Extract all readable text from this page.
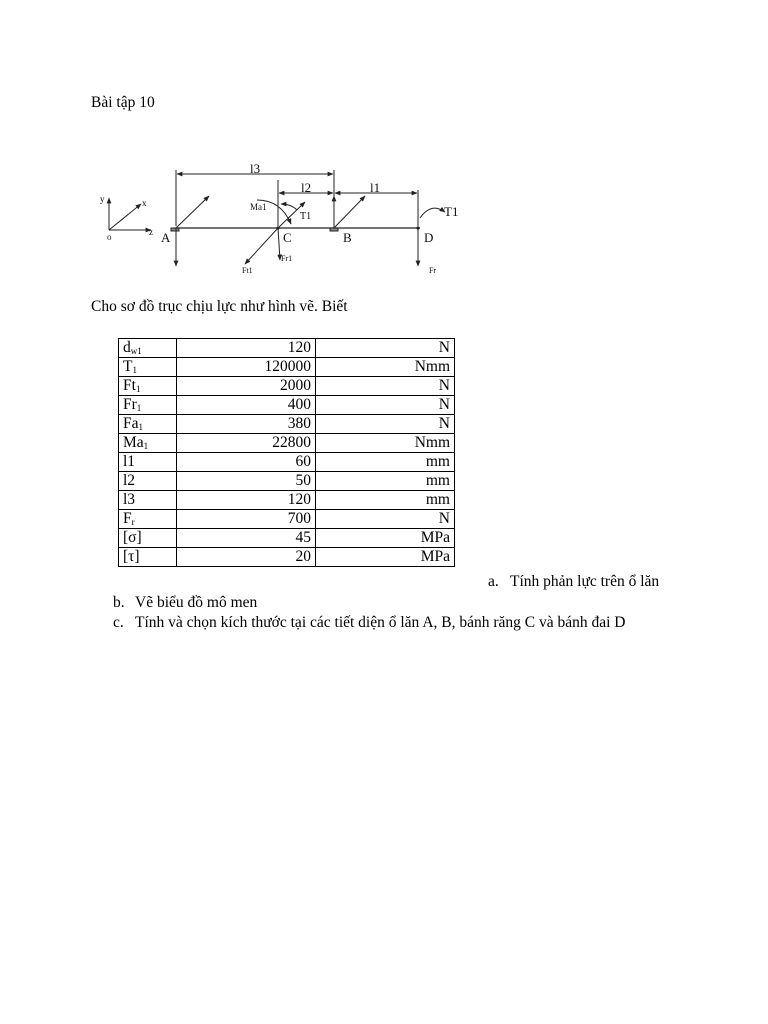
Bài tập 10
l3
l2	l1
A	C	B	D
Ma1
T1	T1
Ft1
Fr1
Fr
y	x
z
o
Cho sơ đồ trục chịu lực như hình vẽ. Biết
$d_{w1}$	120	N
$T_1$	120000	Nmm
$Ft_1$	2000	N
$Fr_1$	400	N
$Fa_1$	380	N
$Ma_1$	22800	Nmm
l1	60	mm
l2	50	mm
l3	120	mm
$F_r$	700	N
[σ]	45	MPa
[τ]	20	MPa
a. Tính phản lực trên ổ lăn
b. Vẽ biểu đồ mô men
c. Tính và chọn kích thước tại các tiết diện ổ lăn A, B, bánh răng C và bánh đai D
